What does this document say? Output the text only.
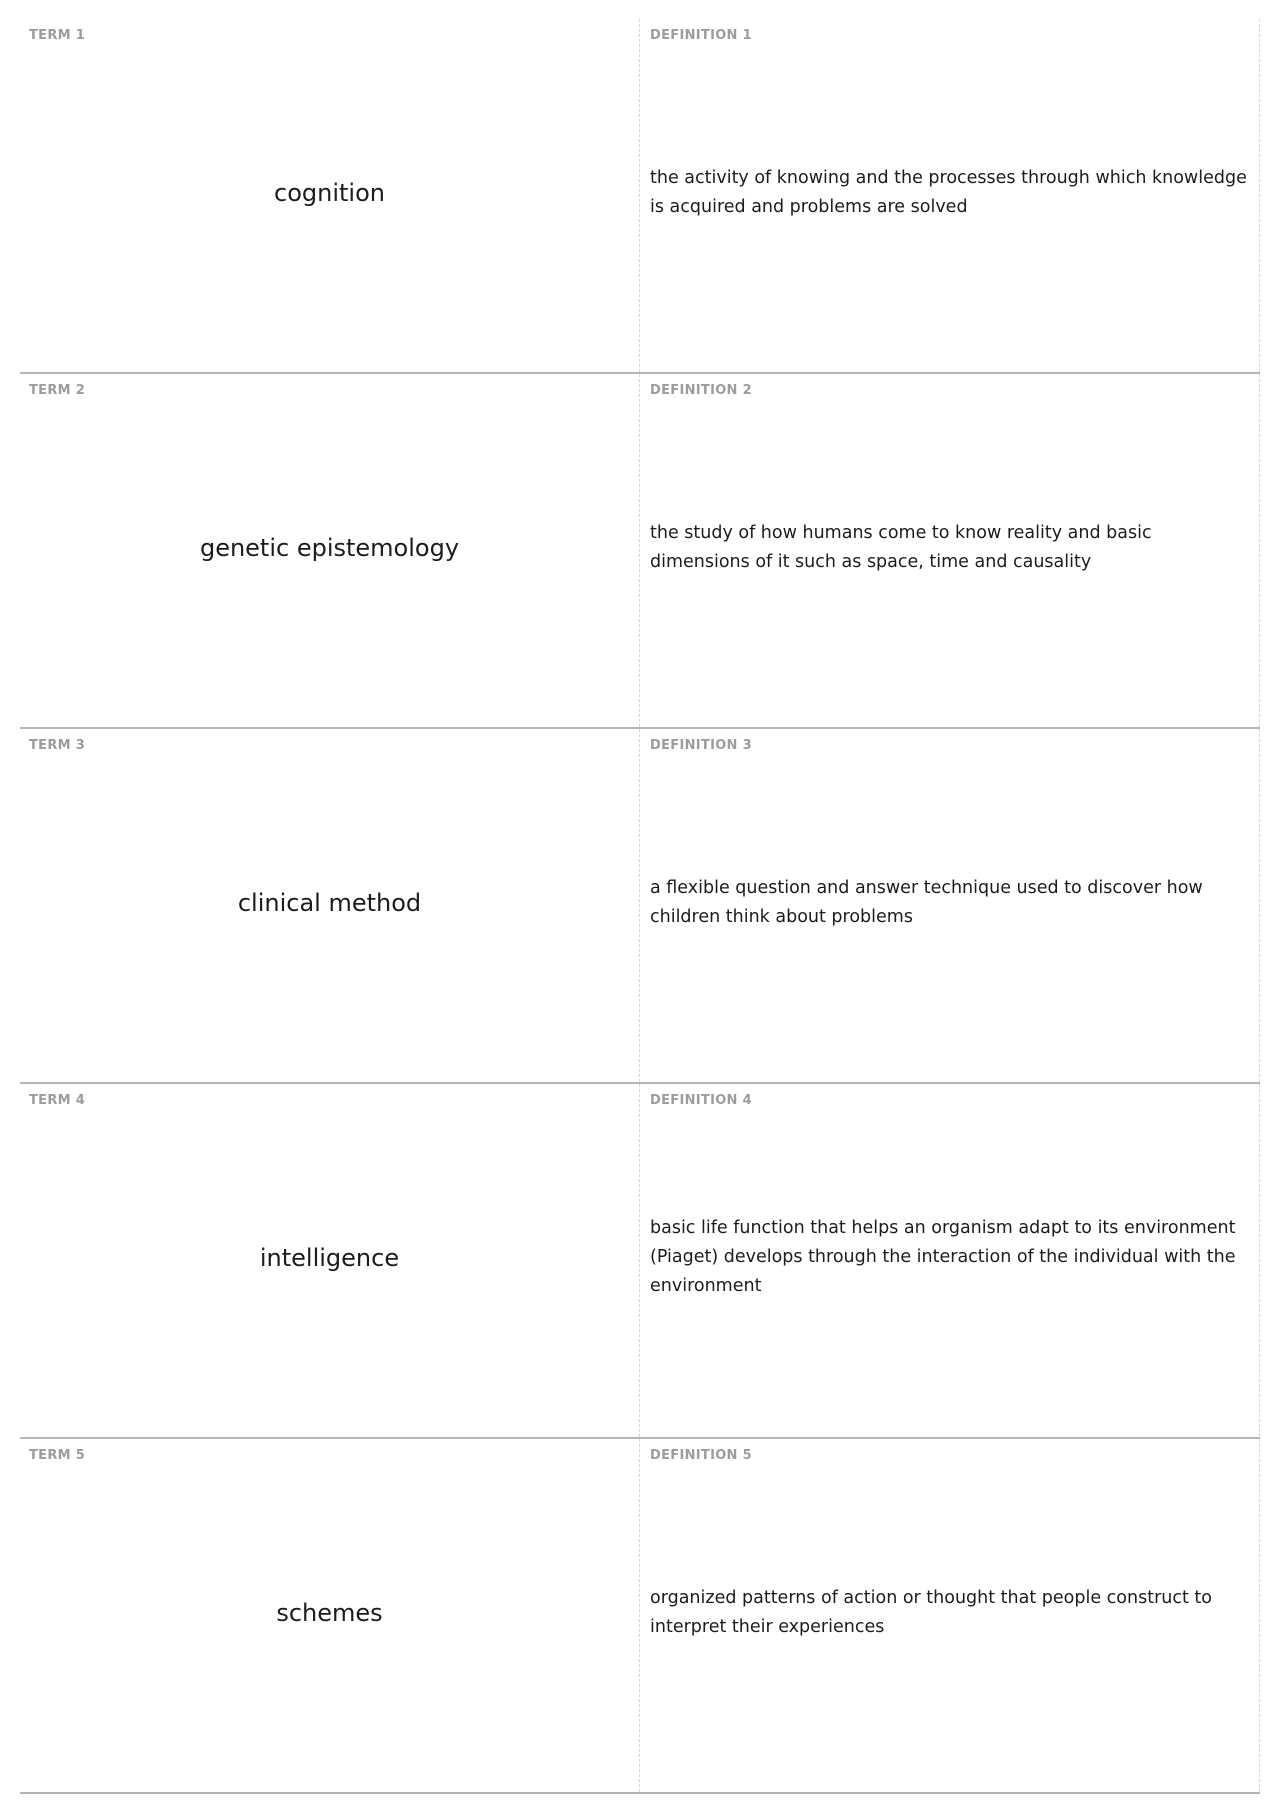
TERM 1
cognition
DEFINITION 1
the activity of knowing and the processes through which knowledge is acquired and problems are solved
TERM 2
genetic epistemology
DEFINITION 2
the study of how humans come to know reality and basic dimensions of it such as space, time and causality
TERM 3
clinical method
DEFINITION 3
a flexible question and answer technique used to discover how children think about problems
TERM 4
intelligence
DEFINITION 4
basic life function that helps an organism adapt to its environment (Piaget) develops through the interaction of the individual with the environment
TERM 5
schemes
DEFINITION 5
organized patterns of action or thought that people construct to interpret their experiences
